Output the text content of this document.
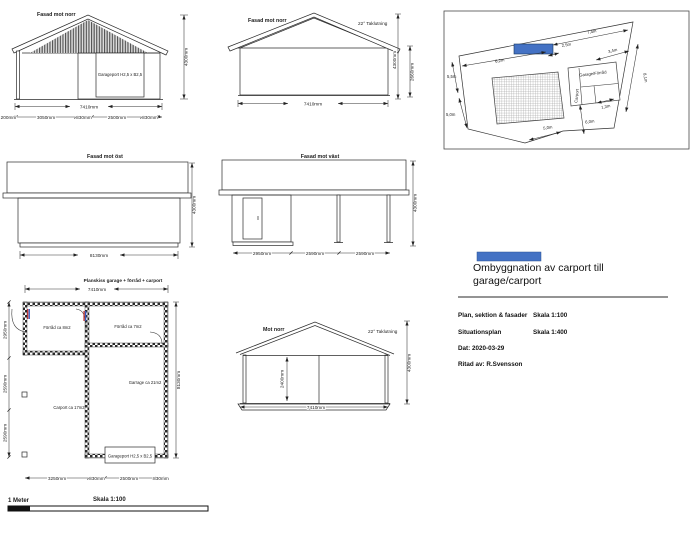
Fasad mot norr
Garageport H2,5 x B2,5
7410mm
200mm	3050mm	830mm	2500mm	830mm
4300mm
Fasad mot norr	22° Taklutning
7410mm
4300mm
2660mm	Garage/Förråd
Carport
7,4m
2,5m
6,2m
5,5m
5,0m
5,0m
6,0m
3,4m
8,1m
1,3m
Fasad mot öst
8130mm
4300mm
Fasad mot väst
2950mm	2590mm	2590mm
4300mm
Planskiss garage + förråd + carport
7410mm
Garageport H2,5 x B2,5
Förråd ca 8m2	Förråd ca 7m2
Garrage ca 21m2
Carport ca 17m2
2950mm
2590mm
2590mm
8130mm
3250mm	830mm	2500mm	830mm
Mot norr	22° Taklutning
2400mm
7410mm
4300mm
Ombyggnation av carport till
garage/carport
Plan, sektion & fasader Skala 1:100
Situationsplan	Skala 1:400
Dat: 2020-03-29
Ritad av: R.Svensson
1 Meter	Skala 1:100
